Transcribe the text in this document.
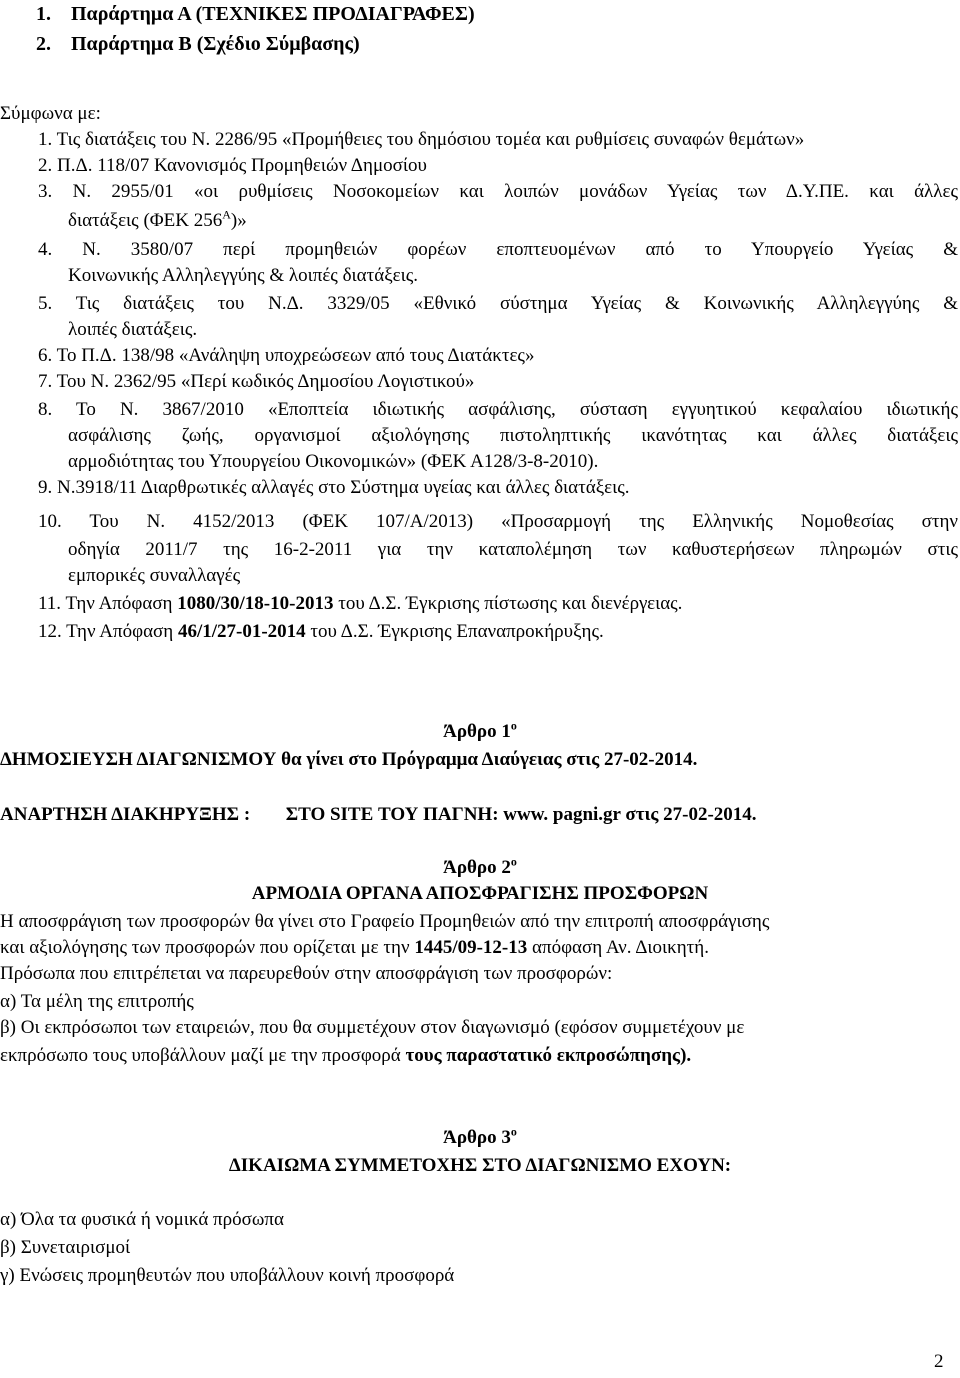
1. Παράρτημα Α (ΤΕΧΝΙΚΕΣ ΠΡΟΔΙΑΓΡΑΦΕΣ)
2. Παράρτημα Β (Σχέδιο Σύμβασης)
Σύμφωνα με:
1. Τις διατάξεις του Ν. 2286/95 «Προμήθειες του δημόσιου τομέα και ρυθμίσεις συναφών θεμάτων»
2. Π.Δ. 118/07 Κανονισμός Προμηθειών Δημοσίου
3. Ν. 2955/01 «οι ρυθμίσεις Νοσοκομείων και λοιπών μονάδων Υγείας των Δ.Υ.ΠΕ. και άλλες
διατάξεις (ΦΕΚ $256^A$)»
4. Ν. 3580/07 περί προμηθειών φορέων εποπτευομένων από το Υπουργείο Υγείας &
Κοινωνικής Αλληλεγγύης & λοιπές διατάξεις.
5. Τις διατάξεις του Ν.Δ. 3329/05 «Εθνικό σύστημα Υγείας & Κοινωνικής Αλληλεγγύης &
λοιπές διατάξεις.
6. Το Π.Δ. 138/98 «Ανάληψη υποχρεώσεων από τους Διατάκτες»
7. Του Ν. 2362/95 «Περί κωδικός Δημοσίου Λογιστικού»
8. Το Ν. 3867/2010 «Εποπτεία ιδιωτικής ασφάλισης, σύσταση εγγυητικού κεφαλαίου ιδιωτικής
ασφάλισης ζωής, οργανισμοί αξιολόγησης πιστοληπτικής ικανότητας και άλλες διατάξεις
αρμοδιότητας του Υπουργείου Οικονομικών» (ΦΕΚ Α128/3-8-2010).
9. Ν.3918/11 Διαρθρωτικές αλλαγές στο Σύστημα υγείας και άλλες διατάξεις.
10. Του Ν. 4152/2013 (ΦΕΚ 107/Α/2013) «Προσαρμογή της Ελληνικής Νομοθεσίας στην
οδηγία 2011/7 της 16-2-2011 για την καταπολέμηση των καθυστερήσεων πληρωμών στις
εμπορικές συναλλαγές
11. Την Απόφαση 1080/30/18-10-2013 του Δ.Σ. Έγκρισης πίστωσης και διενέργειας.
12. Την Απόφαση 46/1/27-01-2014 του Δ.Σ. Έγκρισης Επαναπροκήρυξης.
Άρθρο $1^o$
ΔΗΜΟΣΙΕΥΣΗ ΔΙΑΓΩΝΙΣΜΟΥ θα γίνει στο Πρόγραμμα Διαύγειας στις 27-02-2014.
ΑΝΑΡΤΗΣΗ ΔΙΑΚΗΡΥΞΗΣ : ΣΤΟ SITE ΤΟΥ ΠΑΓΝΗ: www. pagni.gr στις 27-02-2014.
Άρθρο $2^o$
ΑΡΜΟΔΙΑ ΟΡΓΑΝΑ ΑΠΟΣΦΡΑΓΙΣΗΣ ΠΡΟΣΦΟΡΩΝ
Η αποσφράγιση των προσφορών θα γίνει στο Γραφείο Προμηθειών από την επιτροπή αποσφράγισης
και αξιολόγησης των προσφορών που ορίζεται με την 1445/09-12-13 απόφαση Αν. Διοικητή.
Πρόσωπα που επιτρέπεται να παρευρεθούν στην αποσφράγιση των προσφορών:
α) Τα μέλη της επιτροπής
β) Οι εκπρόσωποι των εταιρειών, που θα συμμετέχουν στον διαγωνισμό (εφόσον συμμετέχουν με
εκπρόσωπο τους υποβάλλουν μαζί με την προσφορά τους παραστατικό εκπροσώπησης).
Άρθρο $3^o$
ΔΙΚΑΙΩΜΑ ΣΥΜΜΕΤΟΧΗΣ ΣΤΟ ΔΙΑΓΩΝΙΣΜΟ ΕΧΟΥΝ:
α) Όλα τα φυσικά ή νομικά πρόσωπα
β) Συνεταιρισμοί
γ) Ενώσεις προμηθευτών που υποβάλλουν κοινή προσφορά
2
